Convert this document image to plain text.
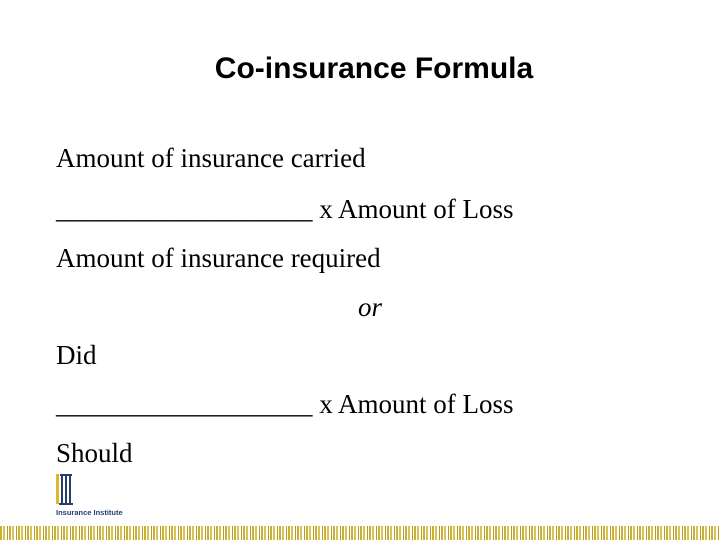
Co-insurance Formula
Amount of insurance carried
___________________ x Amount of Loss
Amount of insurance required
or
Did
___________________ x Amount of Loss
Should
Insurance Institute
